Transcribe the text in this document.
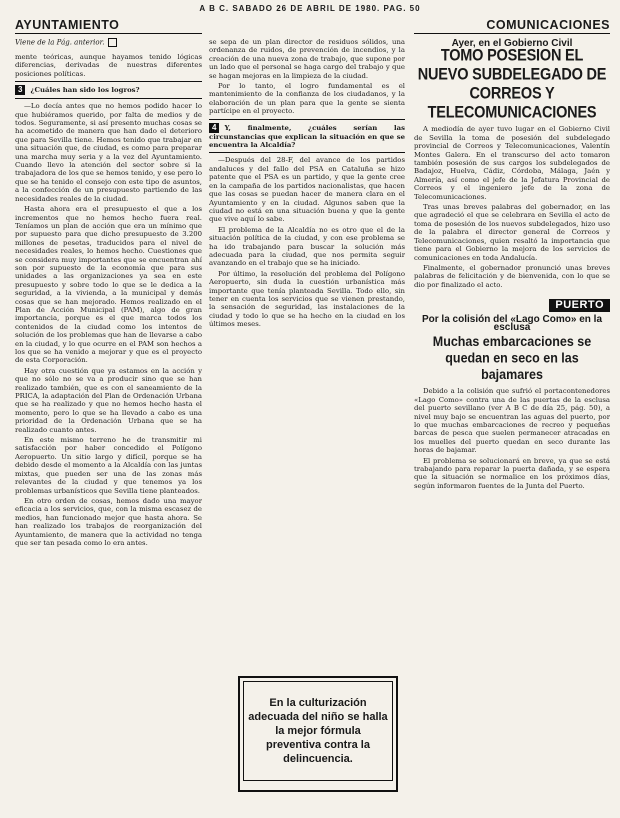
A B C. SABADO 26 DE ABRIL DE 1980. PAG. 50
AYUNTAMIENTO	COMUNICACIONES
Viene de la Pág. anterior.

mente teóricas, aunque hayamos tenido lógicas diferencias, derivadas de nuestras diferentes posiciones políticas.

3 ¿Cuáles han sido los logros?

—Lo decía antes que no hemos podido hacer lo que hubiéramos querido, por falta de medios y de todos. Seguramente, si así presento muchas cosas se ha acometido de manera que han dado el deterioro que para Sevilla tiene. Hemos tenido que trabajar en una situación que, de ciudad, es como para preparar una marcha muy seria y a la vez del Ayuntamiento. Cuando llevo la atención del sector sobre si la trabajadora de los que se hemos tenido, y ese pero lo que se ha tenido el consejo con este tipo de asuntos, a la confección de un presupuesto partiendo de las necesidades reales de la ciudad.

Hasta ahora era el presupuesto el que a los incrementos que no hemos hecho fuera real. Teníamos un plan de acción que era un mínimo que por supuesto para que dicho presupuesto de 3.200 millones de pesetas, traducidos para el nivel de necesidades reales, lo hemos hecho. Cuestiones que se considera muy importantes que se encuentran ahí son por supuesto de la economía que para sus unidades a las organizaciones ya sea en este presupuesto y sobre todo lo que se le dedica a la seguridad, a la vivienda, a la municipal y demás cosas que se han mejorado. Hemos realizado en el Plan de Acción Municipal (PAM), algo de gran importancia, porque es el que marca todos los contenidos de la ciudad como los intentos de solución de los problemas que han de llevarse a cabo en la ciudad, y lo que ocurre en el PAM son hechos a los que se ha venido a mejorar y que es el proyecto de esta Corporación.

Hay otra cuestión que ya estamos en la acción y que no sólo no se va a producir sino que se han realizado también, que es con el saneamiento de la PRICA, la adaptación del Plan de Ordenación Urbana que se ha realizado y que no hemos hecho hasta el momento, pero lo que se ha llevado a cabo es una prioridad de la Ordenación Urbana que se ha realizado cuanto antes.

En este mismo terreno he de transmitir mi satisfacción por haber concedido el Polígono Aeropuerto. Un sitio largo y difícil, porque se ha debido desde el momento a la Alcaldía con las juntas mixtas, que pueden ser una de las zonas más relevantes de la ciudad y que tenemos ya los problemas urbanísticos que Sevilla tiene planteados.

En otro orden de cosas, hemos dado una mayor eficacia a los servicios, que, con la misma escasez de medios, han funcionado mejor que hasta ahora. Se han realizado los trabajos de reorganización del Ayuntamiento, de manera que la actividad no tenga que ser tan pesada como lo era antes.

se sepa de un plan director de residuos sólidos, una ordenanza de ruidos, de prevención de incendios, y la creación de una nueva zona de trabajo, que supone por un lado que el personal se haga cargo del trabajo y que se hagan mejoras en la limpieza de la ciudad.

Por lo tanto, el logro fundamental es el mantenimiento de la confianza de los ciudadanos, y la elaboración de un plan para que la gente se sienta partícipe en el proyecto.

4 Y, finalmente, ¿cuáles serían las circunstancias que explican la situación en que se encuentra la Alcaldía?

—Después del 28-F, del avance de los partidos andaluces y del fallo del PSA en Cataluña se hizo patente que el PSA es un partido, y que la gente cree en la campaña de los partidos nacionalistas, que hacen que las cosas se puedan hacer de manera clara en el Ayuntamiento y en la ciudad. Algunos saben que la ciudad no está en una situación buena y que la gente que vive aquí lo sabe.

El problema de la Alcaldía no es otro que el de la situación política de la ciudad, y con ese problema se ha ido trabajando para buscar la solución más adecuada para la ciudad, que nos permita seguir avanzando en el trabajo que se ha iniciado.

Por último, la resolución del problema del Polígono Aeropuerto, sin duda la cuestión urbanística más importante que tenía planteada Sevilla. Todo ello, sin tener en cuenta los servicios que se vienen prestando, la sensación de seguridad, las instalaciones de la ciudad y todo lo que se ha hecho en la ciudad en los últimos meses.

En la culturización adecuada del niño se halla la mejor fórmula preventiva contra la delincuencia.
Ayer, en el Gobierno Civil
TOMO POSESION EL NUEVO SUBDELEGADO DE CORREOS Y TELECOMUNICACIONES

A mediodía de ayer tuvo lugar en el Gobierno Civil de Sevilla la toma de posesión del subdelegado provincial de Correos y Telecomunicaciones, Valentín Montes Galera. En el transcurso del acto tomaron también posesión de sus cargos los subdelegados de Badajoz, Huelva, Cádiz, Córdoba, Málaga, Jaén y Almería, así como el jefe de la Jefatura Provincial de Correos y el ingeniero jefe de la zona de Telecomunicaciones.

Tras unas breves palabras del gobernador, en las que agradeció el que se celebrara en Sevilla el acto de toma de posesión de los nuevos subdelegados, hizo uso de la palabra el director general de Correos y Telecomunicaciones, quien resaltó la importancia que tiene para el Gobierno la mejora de los servicios de comunicaciones en toda Andalucía.

Finalmente, el gobernador pronunció unas breves palabras de felicitación y de bienvenida, con lo que se dio por finalizado el acto.

PUERTO
Por la colisión del «Lago Como» en la esclusa
Muchas embarcaciones se quedan en seco en las bajamares

Debido a la colisión que sufrió el portacontenedores «Lago Como» contra una de las puertas de la esclusa del puerto sevillano (ver A B C de día 25, pág. 50), a nivel muy bajo se encuentran las aguas del puerto, por lo que muchas embarcaciones de recreo y pequeñas barcas de pesca que suelen permanecer atracadas en los muelles del puerto quedan en seco durante las horas de bajamar.

El problema se solucionará en breve, ya que se está trabajando para reparar la puerta dañada, y se espera que la situación se normalice en los próximos días, según informaron fuentes de la Junta del Puerto.
